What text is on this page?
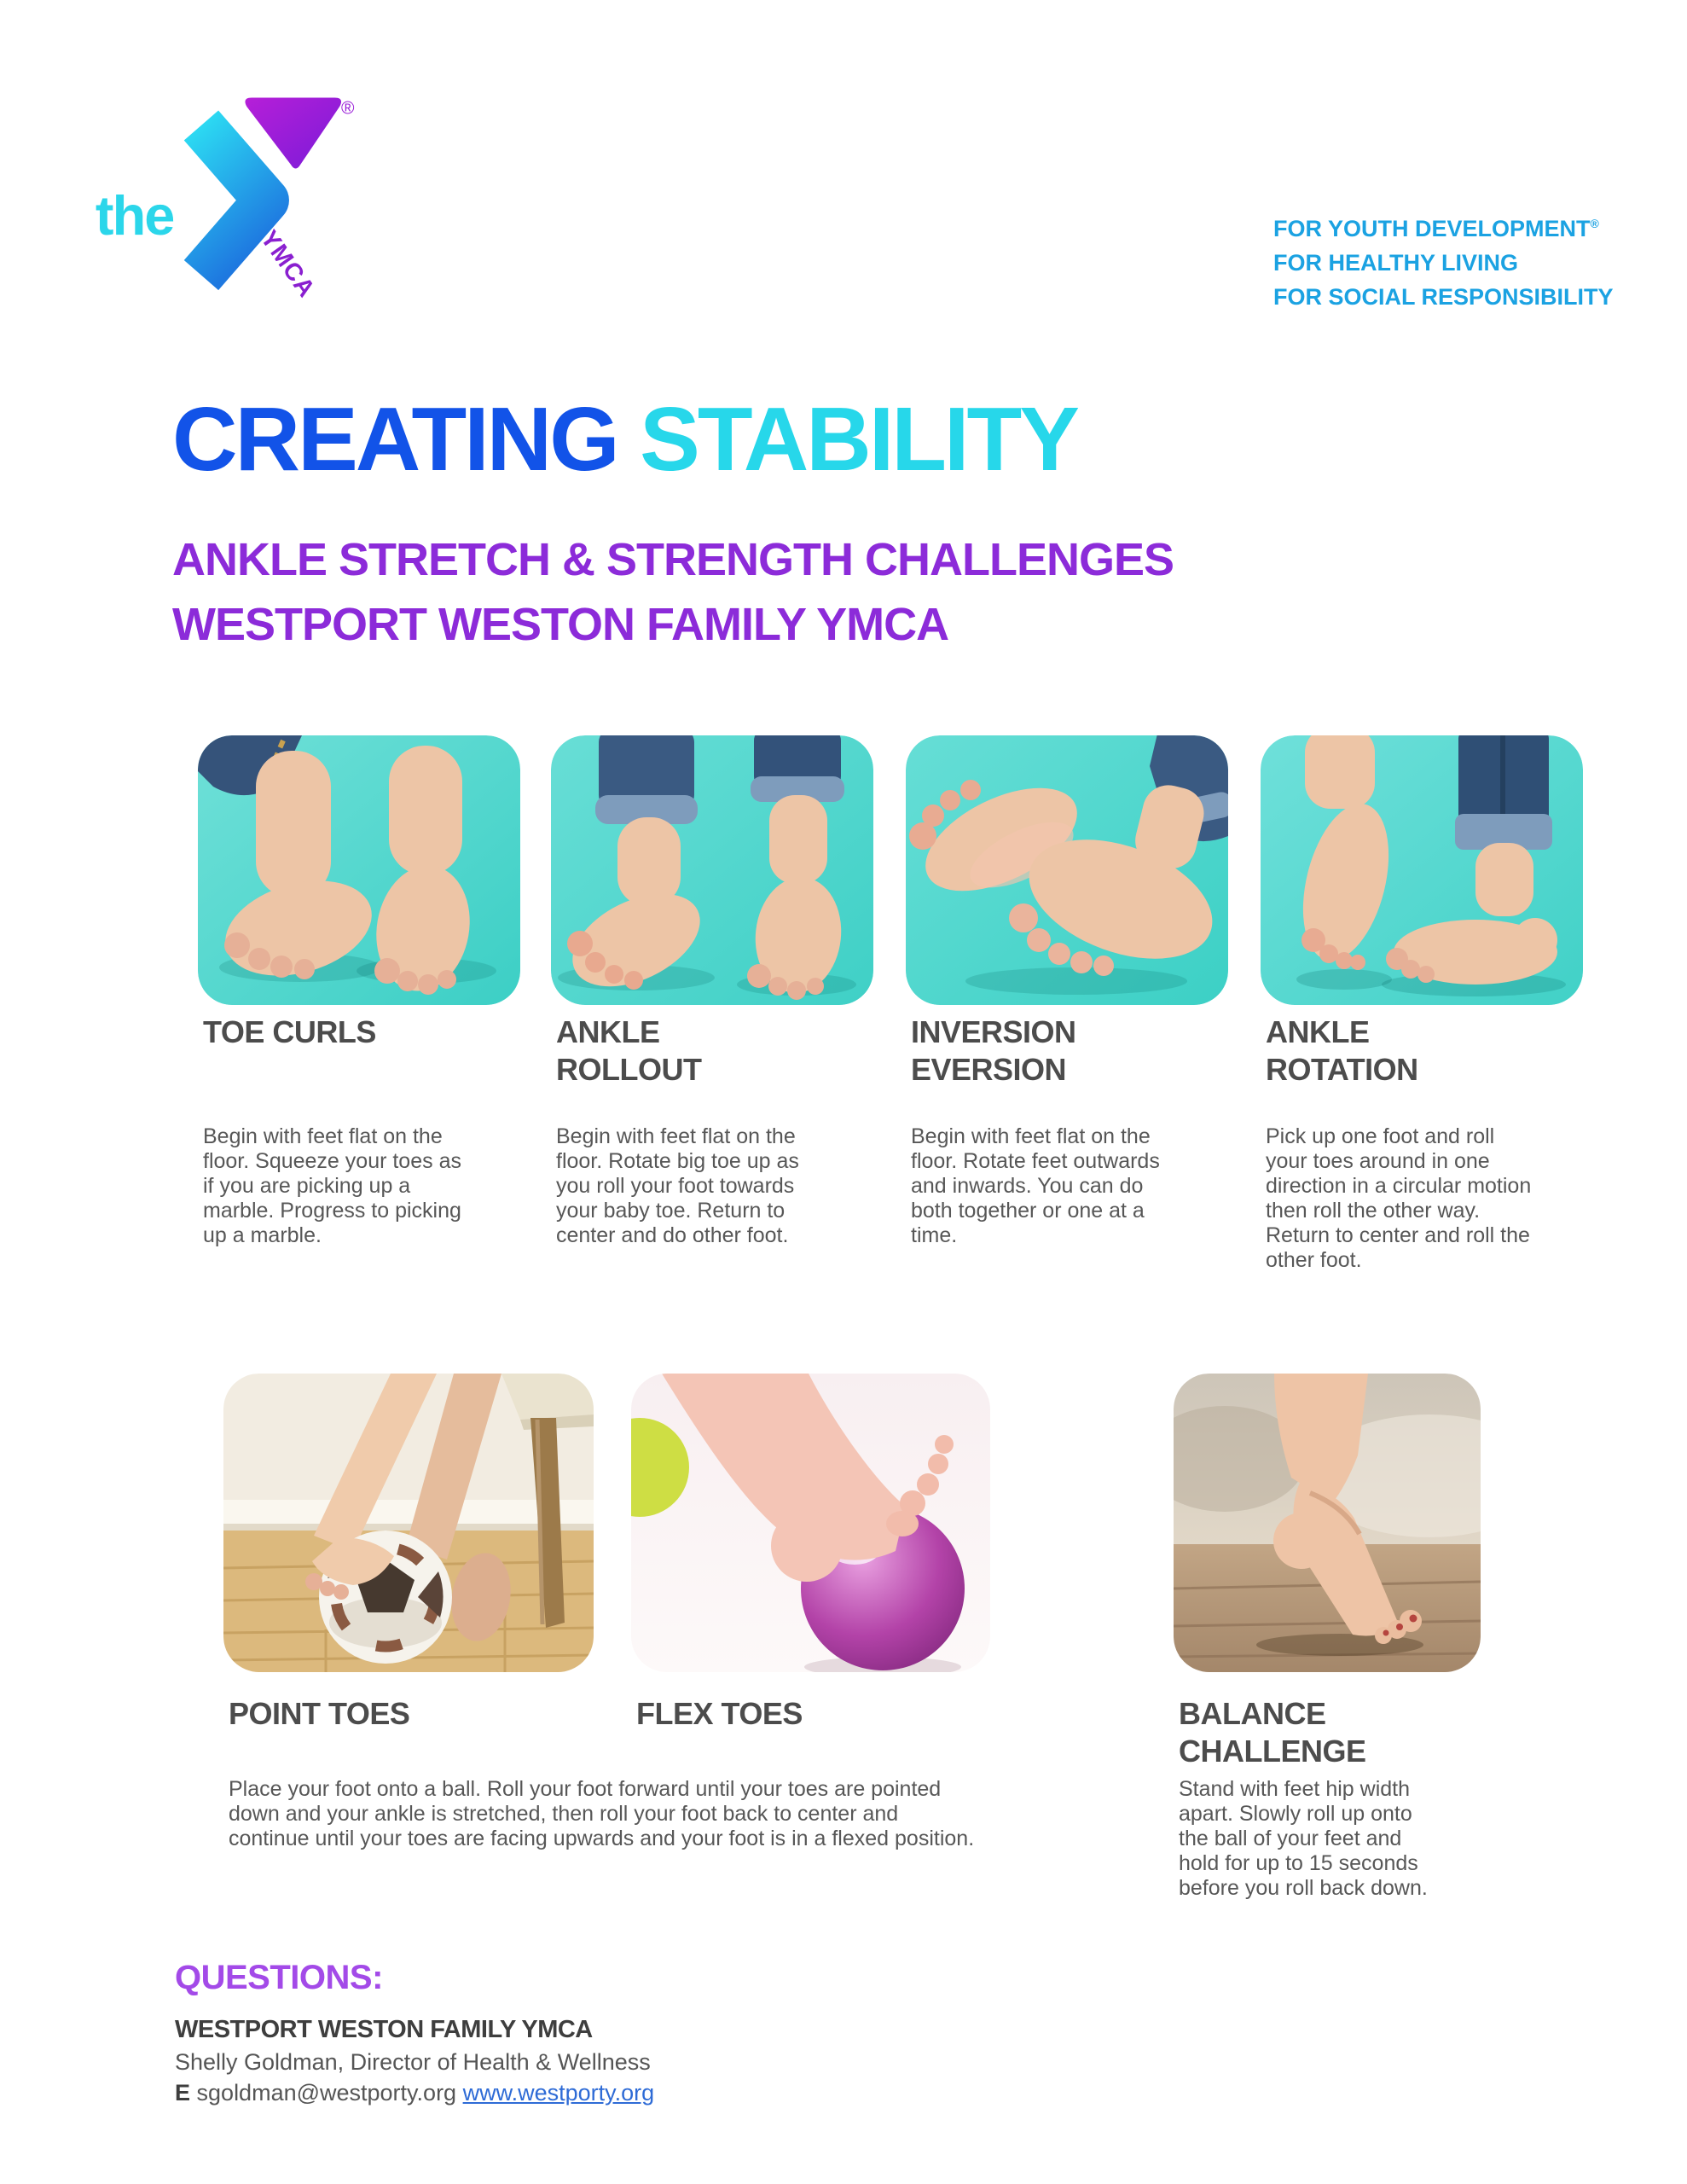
the
YMCA
®
FOR YOUTH DEVELOPMENT®
FOR HEALTHY LIVING
FOR SOCIAL RESPONSIBILITY
CREATING STABILITY
ANKLE STRETCH & STRENGTH CHALLENGES
WESTPORT WESTON FAMILY YMCA
TOE CURLS

Begin with feet flat on the floor. Squeeze your toes as if you are picking up a marble. Progress to picking up a marble.

ANKLE ROLLOUT

Begin with feet flat on the floor. Rotate big toe up as you roll your foot towards your baby toe. Return to center and do other foot.

INVERSION EVERSION

Begin with feet flat on the floor. Rotate feet outwards and inwards. You can do both together or one at a time.

ANKLE ROTATION

Pick up one foot and roll your toes around in one direction in a circular motion then roll the other way. Return to center and roll the other foot.

POINT TOES	FLEX TOES

Place your foot onto a ball. Roll your foot forward until your toes are pointed down and your ankle is stretched, then roll your foot back to center and continue until your toes are facing upwards and your foot is in a flexed position.

BALANCE CHALLENGE

Stand with feet hip width apart. Slowly roll up onto the ball of your feet and hold for up to 15 seconds before you roll back down.

QUESTIONS:

WESTPORT WESTON FAMILY YMCA

Shelly Goldman, Director of Health & Wellness

E sgoldman@westporty.org www.westporty.org
